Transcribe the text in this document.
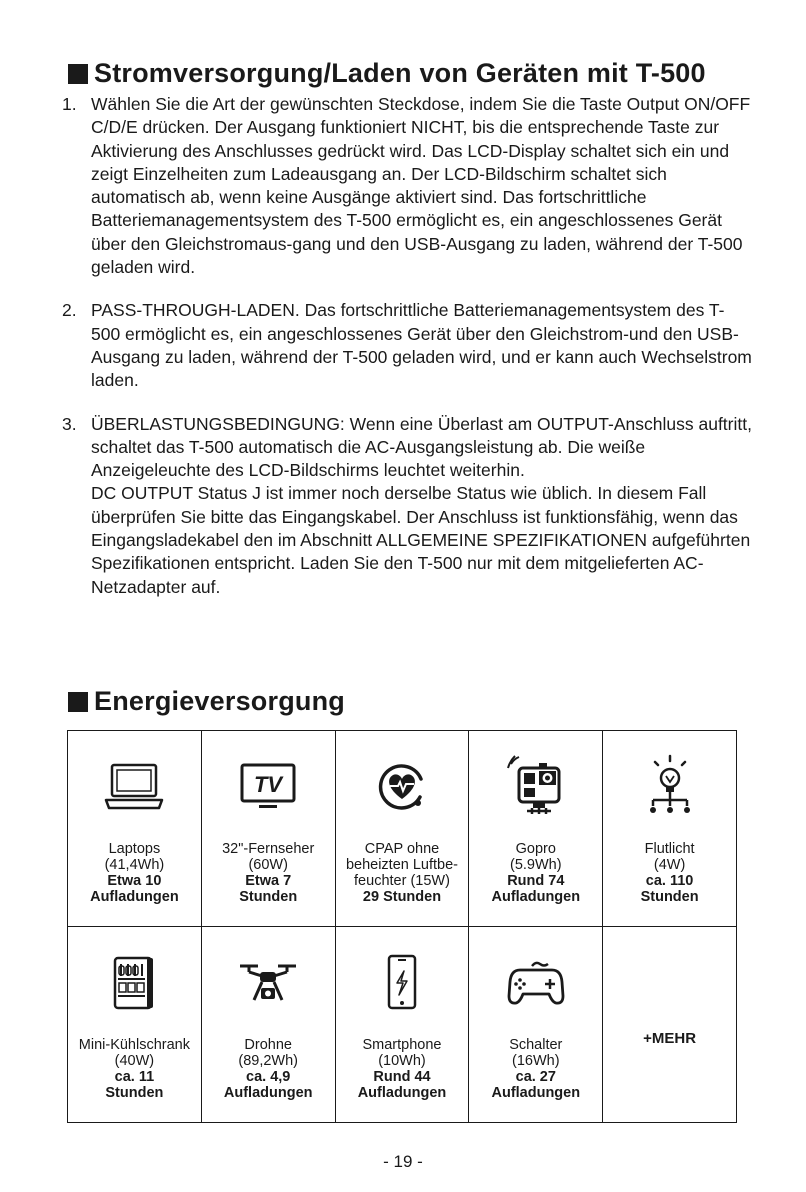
Stromversorgung/Laden von Geräten mit T-500
1. Wählen Sie die Art der gewünschten Steckdose, indem Sie die Taste Output ON/OFF C/D/E drücken. Der Ausgang funktioniert NICHT, bis die entsprechende Taste zur Aktivierung des Anschlusses gedrückt wird. Das LCD-Display schaltet sich ein und zeigt Einzelheiten zum Ladeausgang an. Der LCD-Bildschirm schaltet sich automatisch ab, wenn keine Ausgänge aktiviert sind. Das fortschrittliche Batteriemanagementsystem des T-500 ermöglicht es, ein angeschlossenes Gerät über den Gleichstromaus-gang und den USB-Ausgang zu laden, während der T-500 geladen wird.

2. PASS-THROUGH-LADEN. Das fortschrittliche Batteriemanagementsystem des T-500 ermöglicht es, ein angeschlossenes Gerät über den Gleichstrom-und den USB-Ausgang zu laden, während der T-500 geladen wird, und er kann auch Wechselstrom laden.

3. ÜBERLASTUNGSBEDINGUNG: Wenn eine Überlast am OUTPUT-Anschluss auftritt, schaltet das T-500 automatisch die AC-Ausgangsleistung ab. Die weiße Anzeigeleuchte des LCD-Bildschirms leuchtet weiterhin.

DC OUTPUT Status J ist immer noch derselbe Status wie üblich. In diesem Fall überprüfen Sie bitte das Eingangskabel. Der Anschluss ist funktionsfähig, wenn das Eingangsladekabel den im Abschnitt ALLGEMEINE SPEZIFIKATIONEN aufgeführten Spezifikationen entspricht. Laden Sie den T-500 nur mit dem mitgelieferten AC-Netzadapter auf.

Energieversorgung
Laptops
(41,4Wh)
Etwa 10
Aufladungen	TV
32"-Fernseher
(60W)
Etwa 7
Stunden	CPAP ohne
beheizten Luftbe-
feuchter (15W)
29 Stunden	Gopro
(5.9Wh)
Rund 74
Aufladungen	Flutlicht
(4W)
ca. 110
Stunden

Mini-Kühlschrank
(40W)
ca. 11
Stunden	Drohne
(89,2Wh)
ca. 4,9
Aufladungen	Smartphone
(10Wh)
Rund 44
Aufladungen	Schalter
(16Wh)
ca. 27
Aufladungen	+MEHR
- 19 -
